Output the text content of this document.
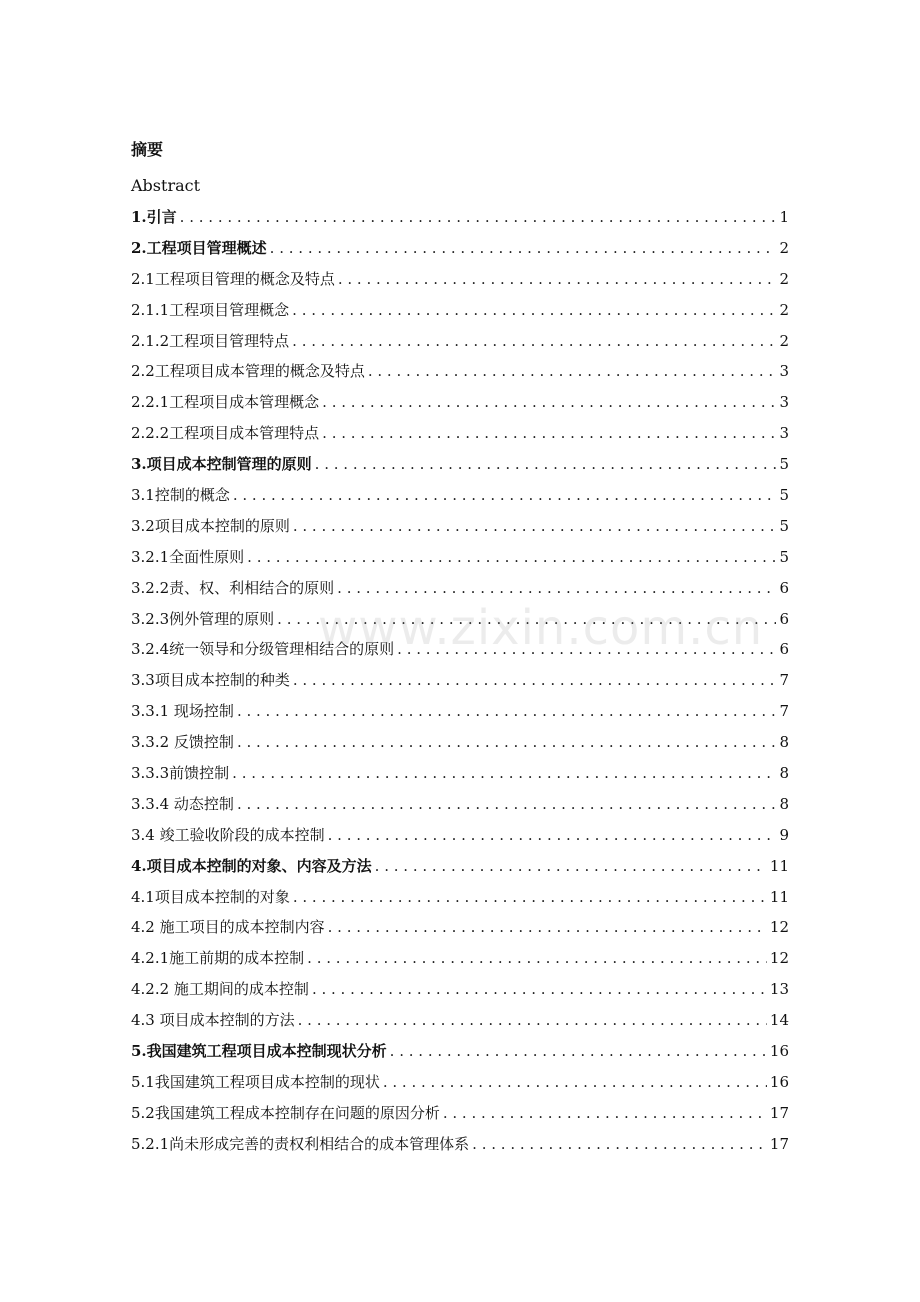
摘要
Abstract
1.引言 . . .	1
2.工程项目管理概述 . . .	2
2.1工程项目管理的概念及特点 . . .	2
2.1.1工程项目管理概念 . . .	2
2.1.2工程项目管理特点 . . .	2
2.2工程项目成本管理的概念及特点 . . .	3
2.2.1工程项目成本管理概念 . . .	3
2.2.2工程项目成本管理特点 . . .	3
3.项目成本控制管理的原则 . . .	5
3.1控制的概念 . . .	5
3.2项目成本控制的原则 . . .	5
3.2.1全面性原则 . . .	5
3.2.2责、权、利相结合的原则 . . .	6
3.2.3例外管理的原则 . . .	6
3.2.4统一领导和分级管理相结合的原则 . . .	6
3.3项目成本控制的种类 . . .	7
3.3.1 现场控制 . . .	7
3.3.2 反馈控制 . . .	8
3.3.3前馈控制 . . .	8
3.3.4 动态控制 . . .	8
3.4 竣工验收阶段的成本控制 . . .	9
4.项目成本控制的对象、内容及方法 . . .	11
4.1项目成本控制的对象 . . .	11
4.2 施工项目的成本控制内容 . . .	12
4.2.1施工前期的成本控制 . . .	12
4.2.2 施工期间的成本控制 . . .	13
4.3 项目成本控制的方法 . . .	14
5.我国建筑工程项目成本控制现状分析 . . .	16
5.1我国建筑工程项目成本控制的现状 . . .	16
5.2我国建筑工程成本控制存在问题的原因分析 . . .	17
5.2.1尚未形成完善的责权利相结合的成本管理体系 . . .	17
www.zixin.com.cn
